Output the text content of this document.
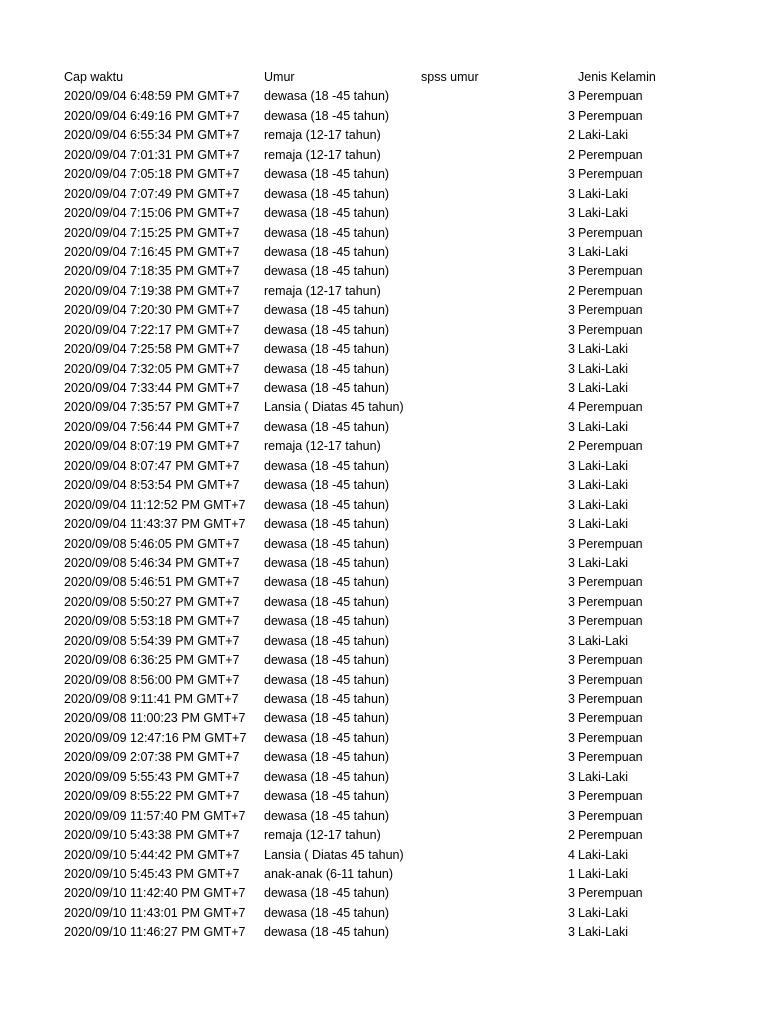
Cap waktu	Umur	spss umur	Jenis Kelamin
2020/09/04 6:48:59 PM GMT+7 dewasa (18 -45 tahun)	3 Perempuan
2020/09/04 6:49:16 PM GMT+7 dewasa (18 -45 tahun)	3 Perempuan
2020/09/04 6:55:34 PM GMT+7 remaja (12-17 tahun)	2 Laki-Laki
2020/09/04 7:01:31 PM GMT+7 remaja (12-17 tahun)	2 Perempuan
2020/09/04 7:05:18 PM GMT+7 dewasa (18 -45 tahun)	3 Perempuan
2020/09/04 7:07:49 PM GMT+7 dewasa (18 -45 tahun)	3 Laki-Laki
2020/09/04 7:15:06 PM GMT+7 dewasa (18 -45 tahun)	3 Laki-Laki
2020/09/04 7:15:25 PM GMT+7 dewasa (18 -45 tahun)	3 Perempuan
2020/09/04 7:16:45 PM GMT+7 dewasa (18 -45 tahun)	3 Laki-Laki
2020/09/04 7:18:35 PM GMT+7 dewasa (18 -45 tahun)	3 Perempuan
2020/09/04 7:19:38 PM GMT+7 remaja (12-17 tahun)	2 Perempuan
2020/09/04 7:20:30 PM GMT+7 dewasa (18 -45 tahun)	3 Perempuan
2020/09/04 7:22:17 PM GMT+7 dewasa (18 -45 tahun)	3 Perempuan
2020/09/04 7:25:58 PM GMT+7 dewasa (18 -45 tahun)	3 Laki-Laki
2020/09/04 7:32:05 PM GMT+7 dewasa (18 -45 tahun)	3 Laki-Laki
2020/09/04 7:33:44 PM GMT+7 dewasa (18 -45 tahun)	3 Laki-Laki
2020/09/04 7:35:57 PM GMT+7 Lansia ( Diatas 45 tahun)	4 Perempuan
2020/09/04 7:56:44 PM GMT+7 dewasa (18 -45 tahun)	3 Laki-Laki
2020/09/04 8:07:19 PM GMT+7 remaja (12-17 tahun)	2 Perempuan
2020/09/04 8:07:47 PM GMT+7 dewasa (18 -45 tahun)	3 Laki-Laki
2020/09/04 8:53:54 PM GMT+7 dewasa (18 -45 tahun)	3 Laki-Laki
2020/09/04 11:12:52 PM GMT+7 dewasa (18 -45 tahun)	3 Laki-Laki
2020/09/04 11:43:37 PM GMT+7 dewasa (18 -45 tahun)	3 Laki-Laki
2020/09/08 5:46:05 PM GMT+7 dewasa (18 -45 tahun)	3 Perempuan
2020/09/08 5:46:34 PM GMT+7 dewasa (18 -45 tahun)	3 Laki-Laki
2020/09/08 5:46:51 PM GMT+7 dewasa (18 -45 tahun)	3 Perempuan
2020/09/08 5:50:27 PM GMT+7 dewasa (18 -45 tahun)	3 Perempuan
2020/09/08 5:53:18 PM GMT+7 dewasa (18 -45 tahun)	3 Perempuan
2020/09/08 5:54:39 PM GMT+7 dewasa (18 -45 tahun)	3 Laki-Laki
2020/09/08 6:36:25 PM GMT+7 dewasa (18 -45 tahun)	3 Perempuan
2020/09/08 8:56:00 PM GMT+7 dewasa (18 -45 tahun)	3 Perempuan
2020/09/08 9:11:41 PM GMT+7 dewasa (18 -45 tahun)	3 Perempuan
2020/09/08 11:00:23 PM GMT+7 dewasa (18 -45 tahun)	3 Perempuan
2020/09/09 12:47:16 PM GMT+7 dewasa (18 -45 tahun)	3 Perempuan
2020/09/09 2:07:38 PM GMT+7 dewasa (18 -45 tahun)	3 Perempuan
2020/09/09 5:55:43 PM GMT+7 dewasa (18 -45 tahun)	3 Laki-Laki
2020/09/09 8:55:22 PM GMT+7 dewasa (18 -45 tahun)	3 Perempuan
2020/09/09 11:57:40 PM GMT+7 dewasa (18 -45 tahun)	3 Perempuan
2020/09/10 5:43:38 PM GMT+7 remaja (12-17 tahun)	2 Perempuan
2020/09/10 5:44:42 PM GMT+7 Lansia ( Diatas 45 tahun)	4 Laki-Laki
2020/09/10 5:45:43 PM GMT+7 anak-anak (6-11 tahun)	1 Laki-Laki
2020/09/10 11:42:40 PM GMT+7 dewasa (18 -45 tahun)	3 Perempuan
2020/09/10 11:43:01 PM GMT+7 dewasa (18 -45 tahun)	3 Laki-Laki
2020/09/10 11:46:27 PM GMT+7 dewasa (18 -45 tahun)	3 Laki-Laki
